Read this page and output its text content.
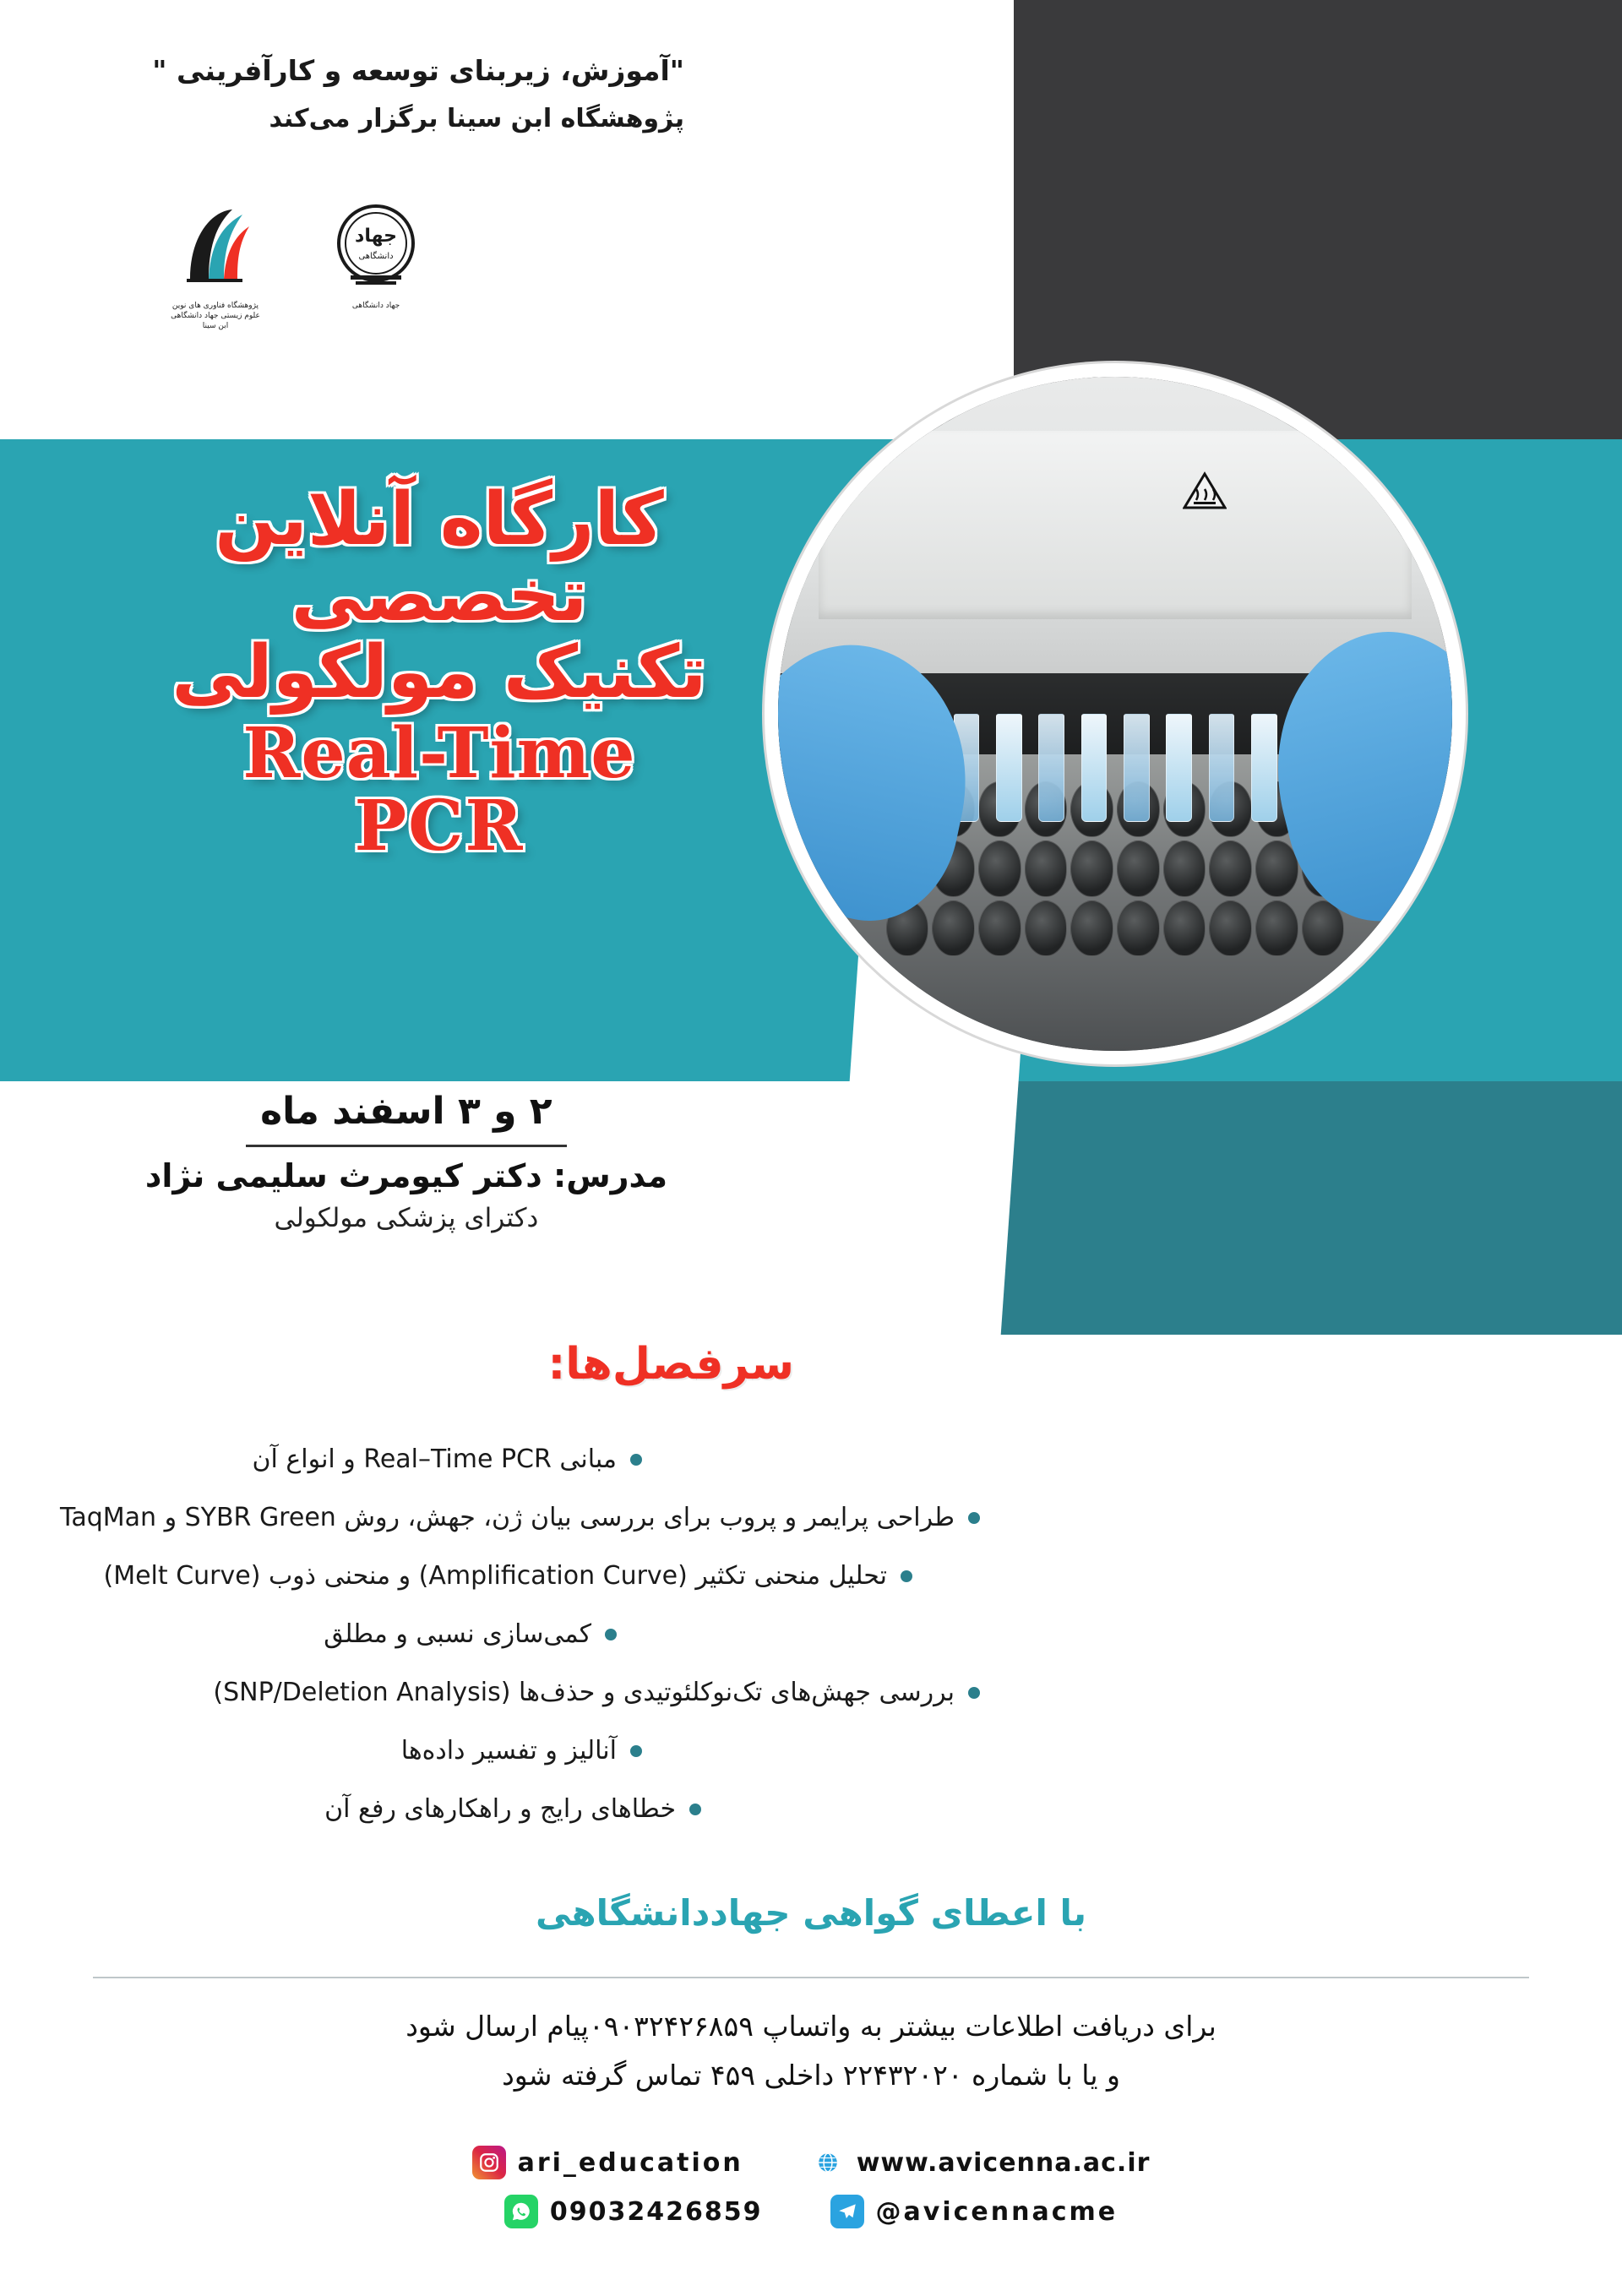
"آموزش، زیربنای توسعه و کارآفرینی "
پژوهشگاه ابن سینا برگزار می‌کند
پژوهشگاه فناوری های نوین
علوم زیستی جهاد دانشگاهی
ابن سینا
جهاد
دانشگاهی
جهاد دانشگاهی
کارگاه آنلاین
تخصصی
تکنیک مولکولی
Real-Time
PCR
۲ و ۳ اسفند ماه
مدرس: دکتر کیومرث سلیمی نژاد
دکترای پزشکی مولکولی
سرفصل‌ها:
مبانی Real–Time PCR و انواع آن
طراحی پرایمر و پروب برای بررسی بیان ژن، جهش، روش SYBR Green و TaqMan
تحلیل منحنی تکثیر (Amplification Curve) و منحنی ذوب (Melt Curve)
کمی‌سازی نسبی و مطلق
بررسی جهش‌های تک‌نوکلئوتیدی و حذف‌ها (SNP/Deletion Analysis)
آنالیز و تفسیر داده‌ها
خطاهای رایج و راهکارهای رفع آن
با اعطای گواهی جهاددانشگاهی
برای دریافت اطلاعات بیشتر به واتساپ ۰۹۰۳۲۴۲۶۸۵۹پیام ارسال شود
و یا با شماره ۲۲۴۳۲۰۲۰ داخلی ۴۵۹ تماس گرفته شود
www.avicenna.ac.ir
ari_education
@avicennacme
09032426859
